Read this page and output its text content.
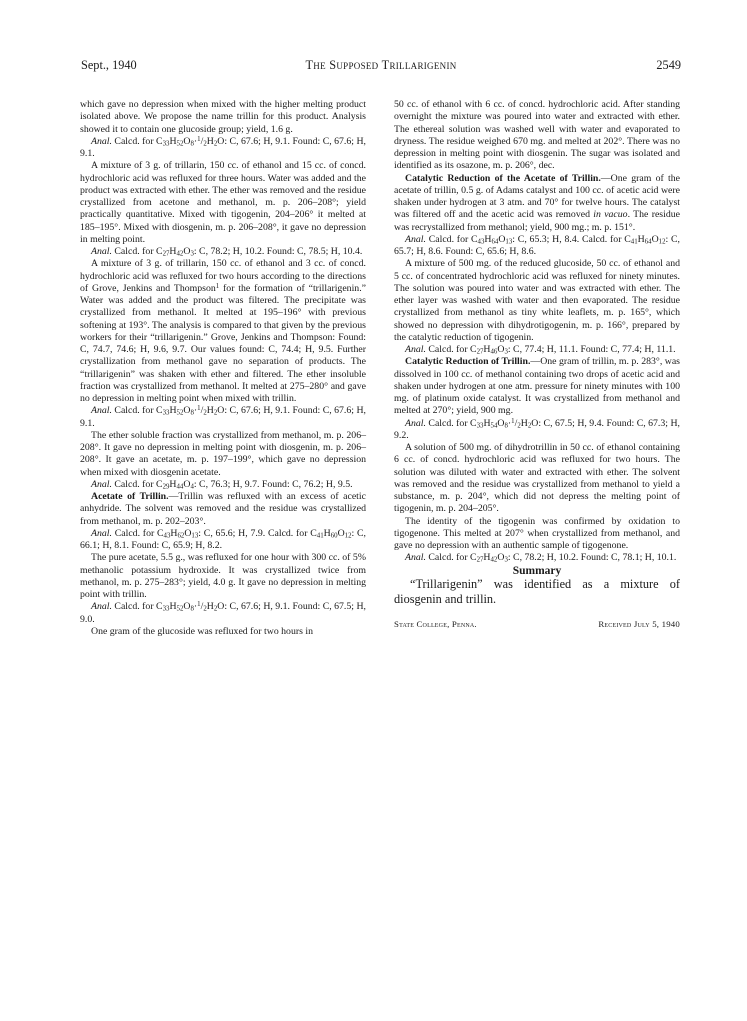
Sept., 1940	The Supposed Trillarigenin	2549

which gave no depression when mixed with the higher melting product isolated above. We propose the name trillin for this product. Analysis showed it to contain one glucoside group; yield, 1.6 g.

Anal. Calcd. for $C_{33}H_{52}O_8\cdot^1/_2H_2O$: C, 67.6; H, 9.1. Found: C, 67.6; H, 9.1.

A mixture of 3 g. of trillarin, 150 cc. of ethanol and 15 cc. of concd. hydrochloric acid was refluxed for three hours. Water was added and the product was extracted with ether. The ether was removed and the residue crystallized from acetone and methanol, m. p. 206–208°; yield practically quantitative. Mixed with tigogenin, 204–206° it melted at 185–195°. Mixed with diosgenin, m. p. 206–208°, it gave no depression in melting point.

Anal. Calcd. for $C_{27}H_{42}O_3$: C, 78.2; H, 10.2. Found: C, 78.5; H, 10.4.

A mixture of 3 g. of trillarin, 150 cc. of ethanol and 3 cc. of concd. hydrochloric acid was refluxed for two hours according to the directions of Grove, Jenkins and Thompson$^1$ for the formation of “trillarigenin.” Water was added and the product was filtered. The precipitate was crystallized from methanol. It melted at 195–196° with previous softening at 193°. The analysis is compared to that given by the previous workers for their “trillarigenin.” Grove, Jenkins and Thompson: Found: C, 74.7, 74.6; H, 9.6, 9.7. Our values found: C, 74.4; H, 9.5. Further crystallization from methanol gave no separation of products. The “trillarigenin” was shaken with ether and filtered. The ether insoluble fraction was crystallized from methanol. It melted at 275–280° and gave no depression in melting point when mixed with trillin.

Anal. Calcd. for $C_{33}H_{52}O_8\cdot^1/_2H_2O$: C, 67.6; H, 9.1. Found: C, 67.6; H, 9.1.

The ether soluble fraction was crystallized from methanol, m. p. 206–208°. It gave no depression in melting point with diosgenin, m. p. 206–208°. It gave an acetate, m. p. 197–199°, which gave no depression when mixed with diosgenin acetate.

Anal. Calcd. for $C_{29}H_{44}O_4$: C, 76.3; H, 9.7. Found: C, 76.2; H, 9.5.

Acetate of Trillin.—Trillin was refluxed with an excess of acetic anhydride. The solvent was removed and the residue was crystallized from methanol, m. p. 202–203°.

Anal. Calcd. for $C_{43}H_{62}O_{13}$: C, 65.6; H, 7.9. Calcd. for $C_{41}H_{60}O_{12}$: C, 66.1; H, 8.1. Found: C, 65.9; H, 8.2.

The pure acetate, 5.5 g., was refluxed for one hour with 300 cc. of 5% methanolic potassium hydroxide. It was crystallized twice from methanol, m. p. 275–283°; yield, 4.0 g. It gave no depression in melting point with trillin.

Anal. Calcd. for $C_{33}H_{52}O_8\cdot^1/_2H_2O$: C, 67.6; H, 9.1. Found: C, 67.5; H, 9.0.

One gram of the glucoside was refluxed for two hours in

50 cc. of ethanol with 6 cc. of concd. hydrochloric acid. After standing overnight the mixture was poured into water and extracted with ether. The ethereal solution was washed well with water and evaporated to dryness. The residue weighed 670 mg. and melted at 202°. There was no depression in melting point with diosgenin. The sugar was isolated and identified as its osazone, m. p. 206°, dec.

Catalytic Reduction of the Acetate of Trillin.—One gram of the acetate of trillin, 0.5 g. of Adams catalyst and 100 cc. of acetic acid were shaken under hydrogen at 3 atm. and 70° for twelve hours. The catalyst was filtered off and the acetic acid was removed in vacuo. The residue was recrystallized from methanol; yield, 900 mg.; m. p. 151°.

Anal. Calcd. for $C_{43}H_{64}O_{13}$: C, 65.3; H, 8.4. Calcd. for $C_{41}H_{64}O_{12}$: C, 65.7; H, 8.6. Found: C, 65.6; H, 8.6.

A mixture of 500 mg. of the reduced glucoside, 50 cc. of ethanol and 5 cc. of concentrated hydrochloric acid was refluxed for ninety minutes. The solution was poured into water and was extracted with ether. The ether layer was washed with water and then evaporated. The residue crystallized from methanol as tiny white leaflets, m. p. 165°, which showed no depression with dihydrotigogenin, m. p. 166°, prepared by the catalytic reduction of tigogenin.

Anal. Calcd. for $C_{27}H_{46}O_3$: C, 77.4; H, 11.1. Found: C, 77.4; H, 11.1.

Catalytic Reduction of Trillin.—One gram of trillin, m. p. 283°, was dissolved in 100 cc. of methanol containing two drops of acetic acid and shaken under hydrogen at one atm. pressure for ninety minutes with 100 mg. of platinum oxide catalyst. It was crystallized from methanol and melted at 270°; yield, 900 mg.

Anal. Calcd. for $C_{33}H_{54}O_8\cdot^1/_2H_2O$: C, 67.5; H, 9.4. Found: C, 67.3; H, 9.2.

A solution of 500 mg. of dihydrotrillin in 50 cc. of ethanol containing 6 cc. of concd. hydrochloric acid was refluxed for two hours. The solution was diluted with water and extracted with ether. The solvent was removed and the residue was crystallized from methanol to yield a substance, m. p. 204°, which did not depress the melting point of tigogenin, m. p. 204–205°.

The identity of the tigogenin was confirmed by oxidation to tigogenone. This melted at 207° when crystallized from methanol, and gave no depression with an authentic sample of tigogenone.

Anal. Calcd. for $C_{27}H_{42}O_3$: C, 78.2; H, 10.2. Found: C, 78.1; H, 10.1.

Summary

“Trillarigenin” was identified as a mixture of diosgenin and trillin.

State College, Penna.	Received July 5, 1940
